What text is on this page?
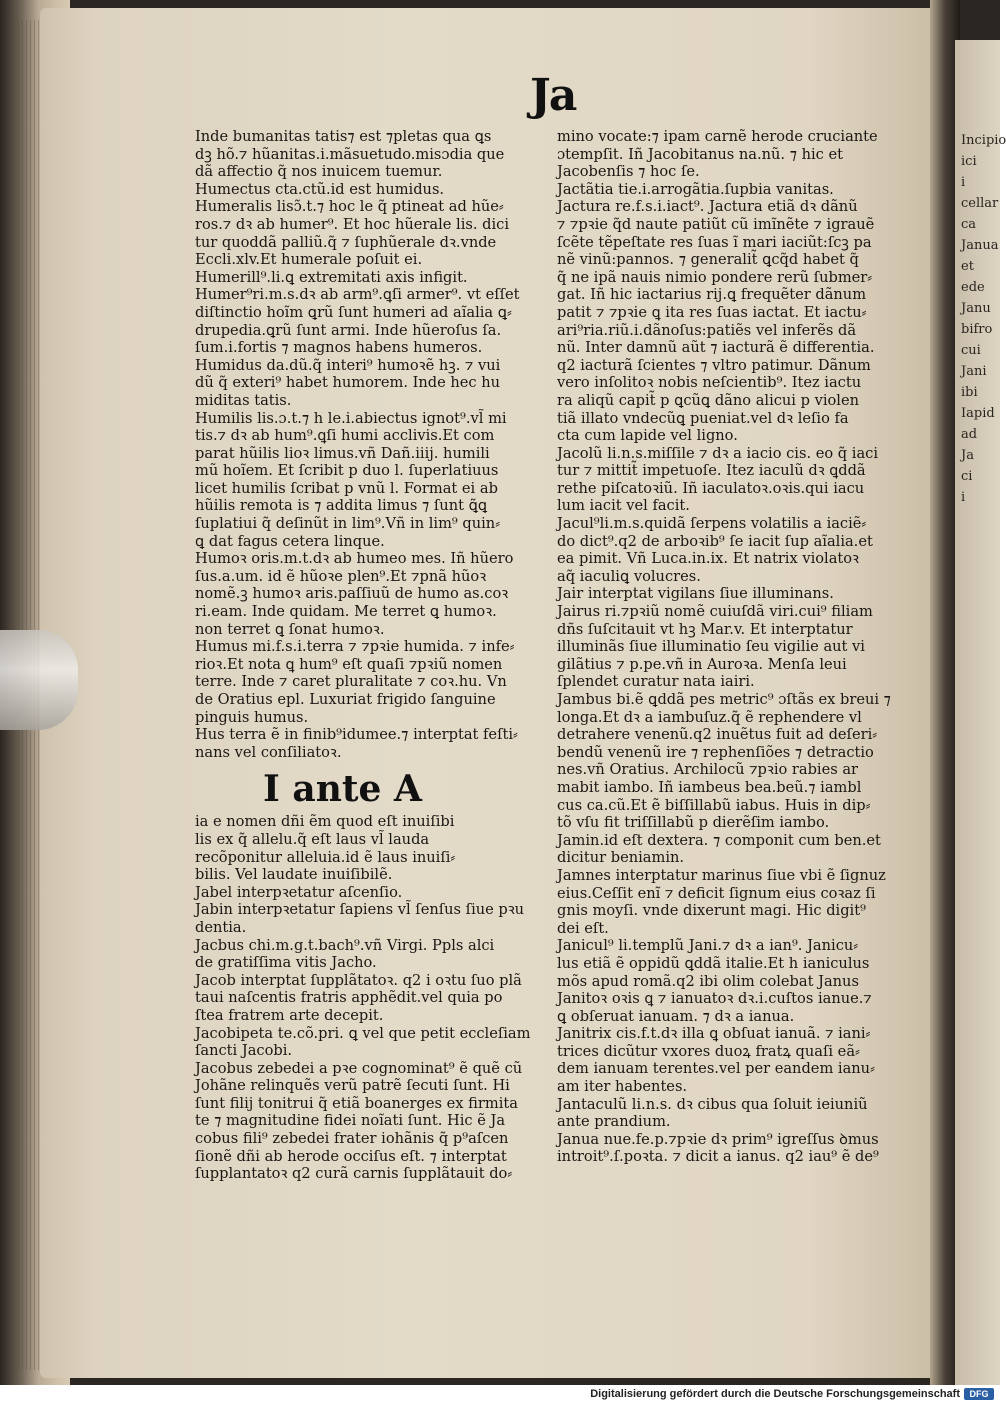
Incipio
ici
i cellar
ca
Janua
et
ede
Janu
bifro
cui
Jani
ibi
Iapid
ad
Ja
ci
i
Ja
Inde bumanitas tatis⁊ est ⁊pletas qua ꝗs
dꝫ hõ.⁊ hũanitas.i.mãsuetudo.misɔdia que
dã affectio q̃ nos inuicem tuemur.
Humectus cta.ctũ.id est humidus.
Humeralis lisɔ̃.t.⁊ hoc le q̃ ptineat ad hũe⸗
ros.⁊ dꝛ ab humer⁹. Et hoc hũerale lis. dici
tur quoddã palliũ.q̃ ⁊ ſuphũerale dꝛ.vnde
Eccli.xlv.Et humerale poſuit ei.
Humerill⁹.li.ꝗ extremitati axis infigit.
Humer⁹ri.m.s.dꝛ ab arm⁹.ꝗſi armer⁹. vt eſſet
diſtinctio hoĩm ꝗrũ ſunt humeri ad aĩalia ꝗ⸗
drupedia.ꝗrũ ſunt armi. Inde hũeroſus ſa.
ſum.i.fortis ⁊ magnos habens humeros.
Humidus da.dũ.q̃ interi⁹ humoꝛẽ hꝫ. ⁊ vui
dũ q̃ exteri⁹ habet humorem. Inde hec hu
miditas tatis.
Humilis lis.ɔ.t.⁊ h le.i.abiectus ignot⁹.vl̃ mi
tis.⁊ dꝛ ab hum⁹.ꝗſi humi acclivis.Et com
parat hũilis lioꝛ limus.vñ Dañ.iiij. humili
mũ hoĩem. Et ſcribit p duo l. ſuperlatiuus
licet humilis ſcribat p vnũ l. Format ei ab
hũilis remota is ⁊ addita limus ⁊ ſunt ꝗ̃ꝗ
ſuplatiui q̃ deſinũt in lim⁹.Vñ in lim⁹ quin⸗
ꝗ dat fagus cetera linque.
Humoꝛ oris.m.t.dꝛ ab humeo mes. Iñ hũero
ſus.a.um. id ẽ hũoꝛe plen⁹.Et ⁊pnã hũoꝛ
nomẽ.ꝫ humoꝛ aris.paſſiuũ de humo as.coꝛ
ri.eam. Inde quidam. Me terret ꝗ humoꝛ.
non terret ꝗ ſonat humoꝛ.
Humus mi.f.s.i.terra ⁊ ⁊pꝛie humida. ⁊ infe⸗
rioꝛ.Et nota ꝗ hum⁹ eſt quaſi ⁊pꝛiũ nomen
terre. Inde ⁊ caret pluralitate ⁊ coꝛ.hu. Vn
de Oratius epl. Luxuriat frigido ſanguine
pinguis humus.
Hus terra ẽ in finib⁹idumee.⁊ interptat feſti⸗
nans vel conſiliatoꝛ.
I ante A
ia e nomen dñi ẽm quod eſt inuiſibi
lis ex q̃ allelu.q̃ eſt laus vl̃ lauda
recõponitur alleluia.id ẽ laus inuiſi⸗
bilis. Vel laudate inuiſibilẽ.
Jabel interpꝛetatur aſcenſio.
Jabin interpꝛetatur ſapiens vl̃ ſenſus ſiue pꝛu
dentia.
Jacbus chi.m.g.t.bach⁹.vñ Virgi. Ppls alci
de gratiſſima vitis Jacho.
Jacob interptat ſupplãtatoꝛ. q2 i oꝛtu ſuo plã
taui naſcentis fratris apphẽdit.vel quia po
ſtea fratrem arte decepit.
Jacobipeta te.cõ.pri. ꝗ vel que petit eccleſiam
ſancti Jacobi.
Jacobus zebedei a pꝛe cognominat⁹ ẽ quẽ cũ
Johãne relinquẽs verũ patrẽ ſecuti ſunt. Hi
ſunt filij tonitrui q̃ etiã boanerges ex firmita
te ⁊ magnitudine fidei noĩati ſunt. Hic ẽ Ja
cobus fili⁹ zebedei frater iohãnis q̃ p⁹aſcen
ſionẽ dñi ab herode occiſus eſt. ⁊ interptat
ſupplantatoꝛ q2 curã carnis ſupplãtauit do⸗
mino vocate:⁊ ipam carnẽ herode cruciante
ɔtempſit. Iñ Jacobitanus na.nũ. ⁊ hic et
Jacobenſis ⁊ hoc ſe.
Jactãtia tie.i.arrogãtia.ſupbia vanitas.
Jactura re.f.s.i.iact⁹. Jactura etiã dꝛ dãnũ
⁊ ⁊pꝛie q̃d naute patiũt cũ imĩnẽte ⁊ igrauẽ
ſcẽte tẽpeſtate res ſuas ĩ mari iaciũt:ſcꝫ pa
nẽ vinũ:pannos. ⁊ generalit̃ ꝗcq̃d habet q̃
q̃ ne ipã nauis nimio pondere rerũ ſubmer⸗
gat. Iñ hic iactarius rij.ꝗ frequẽter dãnum
patit ⁊ ⁊pꝛie ꝗ ita res ſuas iactat. Et iactu⸗
ari⁹ria.riũ.i.dãnoſus:patiẽs vel inferẽs dã
nũ. Inter damnũ aũt ⁊ iacturã ẽ differentia.
q2 iacturã ſcientes ⁊ vltro patimur. Dãnum
vero inſolitoꝛ nobis neſcientib⁹. Itez iactu
ra aliqũ capit̃ p ꝗcũꝗ dãno alicui p violen
tiã illato vndecũꝗ pueniat.vel dꝛ leſio fa
cta cum lapide vel ligno.
Jacolũ li.n.s.miſſile ⁊ dꝛ a iacio cis. eo q̃ iaci
tur ⁊ mittit̃ impetuoſe. Itez iaculũ dꝛ ꝗddã
rethe piſcatoꝛiũ. Iñ iaculatoꝛ.oꝛis.qui iacu
lum iacit vel facit.
Jacul⁹li.m.s.quidã ſerpens volatilis a iaciẽ⸗
do dict⁹.q2 de arboꝛib⁹ ſe iacit ſup aĩalia.et
ea pimit. Vñ Luca.in.ix. Et natrix violatoꝛ
aq̃ iaculiꝗ volucres.
Jair interptat vigilans ſiue illuminans.
Jairus ri.⁊pꝛiũ nomẽ cuiuſdã viri.cui⁹ filiam
dñs ſuſcitauit vt hꝫ Mar.v. Et interptatur
illuminãs ſiue illuminatio ſeu vigilie aut vi
gilãtius ⁊ p.pe.vñ in Auroꝛa. Menſa leui
ſplendet curatur nata iairi.
Jambus bi.ẽ ꝗddã pes metric⁹ ɔſtãs ex breui ⁊
longa.Et dꝛ a iambuſuz.q̃ ẽ rephendere vl
detrahere venenũ.q2 inuẽtus fuit ad deſeri⸗
bendũ venenũ ire ⁊ rephenſiões ⁊ detractio
nes.vñ Oratius. Archilocũ ⁊pꝛio rabies ar
mabit iambo. Iñ iambeus bea.beũ.⁊ iambl
cus ca.cũ.Et ẽ biſſillabũ iabus. Huis in dip⸗
tõ vſu fit triſſillabũ p dierẽſim iambo.
Jamin.id eſt dextera. ⁊ componit cum ben.et
dicitur beniamin.
Jamnes interptatur marinus ſiue vbi ẽ ſignuz
eius.Ceſſit enĩ ⁊ deficit ſignum eius coꝛaz ſi
gnis moyſi. vnde dixerunt magi. Hic digit⁹
dei eſt.
Janicul⁹ li.templũ Jani.⁊ dꝛ a ian⁹. Janicu⸗
lus etiã ẽ oppidũ ꝗddã italie.Et h ianiculus
mõs apud romã.q2 ibi olim colebat Janus
Janitoꝛ oꝛis ꝗ ⁊ ianuatoꝛ dꝛ.i.cuſtos ianue.⁊
ꝗ obſeruat ianuam. ⁊ dꝛ a ianua.
Janitrix cis.f.t.dꝛ illa ꝗ obſuat ianuã. ⁊ iani⸗
trices dicũtur vxores duoꝝ fratꝝ quaſi eã⸗
dem ianuam terentes.vel per eandem ianu⸗
am iter habentes.
Jantaculũ li.n.s. dꝛ cibus qua ſoluit ieiuniũ
ante prandium.
Janua nue.fe.p.⁊pꝛie dꝛ prim⁹ igreſſus ꝺmus
introit⁹.ſ.poꝛta. ⁊ dicit a ianus. q2 iau⁹ ẽ de⁹
Digitalisierung gefördert durch die Deutsche Forschungsgemeinschaft	DFG
